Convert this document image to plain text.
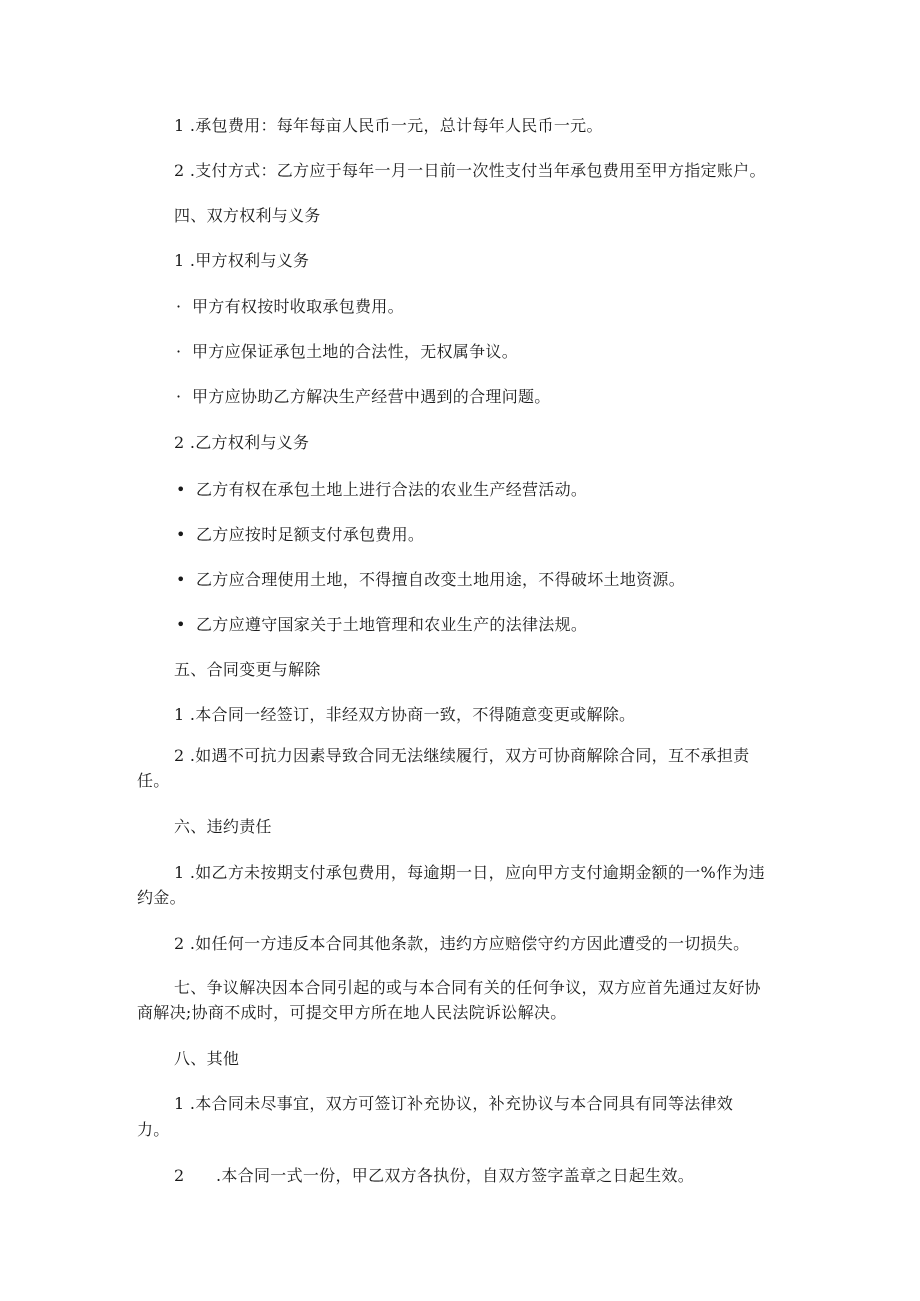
1 .承包费用：每年每亩人民币一元，总计每年人民币一元。
2 .支付方式：乙方应于每年一月一日前一次性支付当年承包费用至甲方指定账户。
四、双方权利与义务
1 .甲方权利与义务
· 甲方有权按时收取承包费用。
· 甲方应保证承包土地的合法性，无权属争议。
· 甲方应协助乙方解决生产经营中遇到的合理问题。
2 .乙方权利与义务
• 乙方有权在承包土地上进行合法的农业生产经营活动。
• 乙方应按时足额支付承包费用。
• 乙方应合理使用土地，不得擅自改变土地用途，不得破坏土地资源。
• 乙方应遵守国家关于土地管理和农业生产的法律法规。
五、合同变更与解除
1 .本合同一经签订，非经双方协商一致，不得随意变更或解除。
2 .如遇不可抗力因素导致合同无法继续履行，双方可协商解除合同，互不承担责
任。
六、违约责任
1 .如乙方未按期支付承包费用，每逾期一日，应向甲方支付逾期金额的一%作为违
约金。
2 .如任何一方违反本合同其他条款，违约方应赔偿守约方因此遭受的一切损失。
七、争议解决因本合同引起的或与本合同有关的任何争议，双方应首先通过友好协
商解决;协商不成时，可提交甲方所在地人民法院诉讼解决。
八、其他
1 .本合同未尽事宜，双方可签订补充协议，补充协议与本合同具有同等法律效
力。
2 .本合同一式一份，甲乙双方各执份，自双方签字盖章之日起生效。
